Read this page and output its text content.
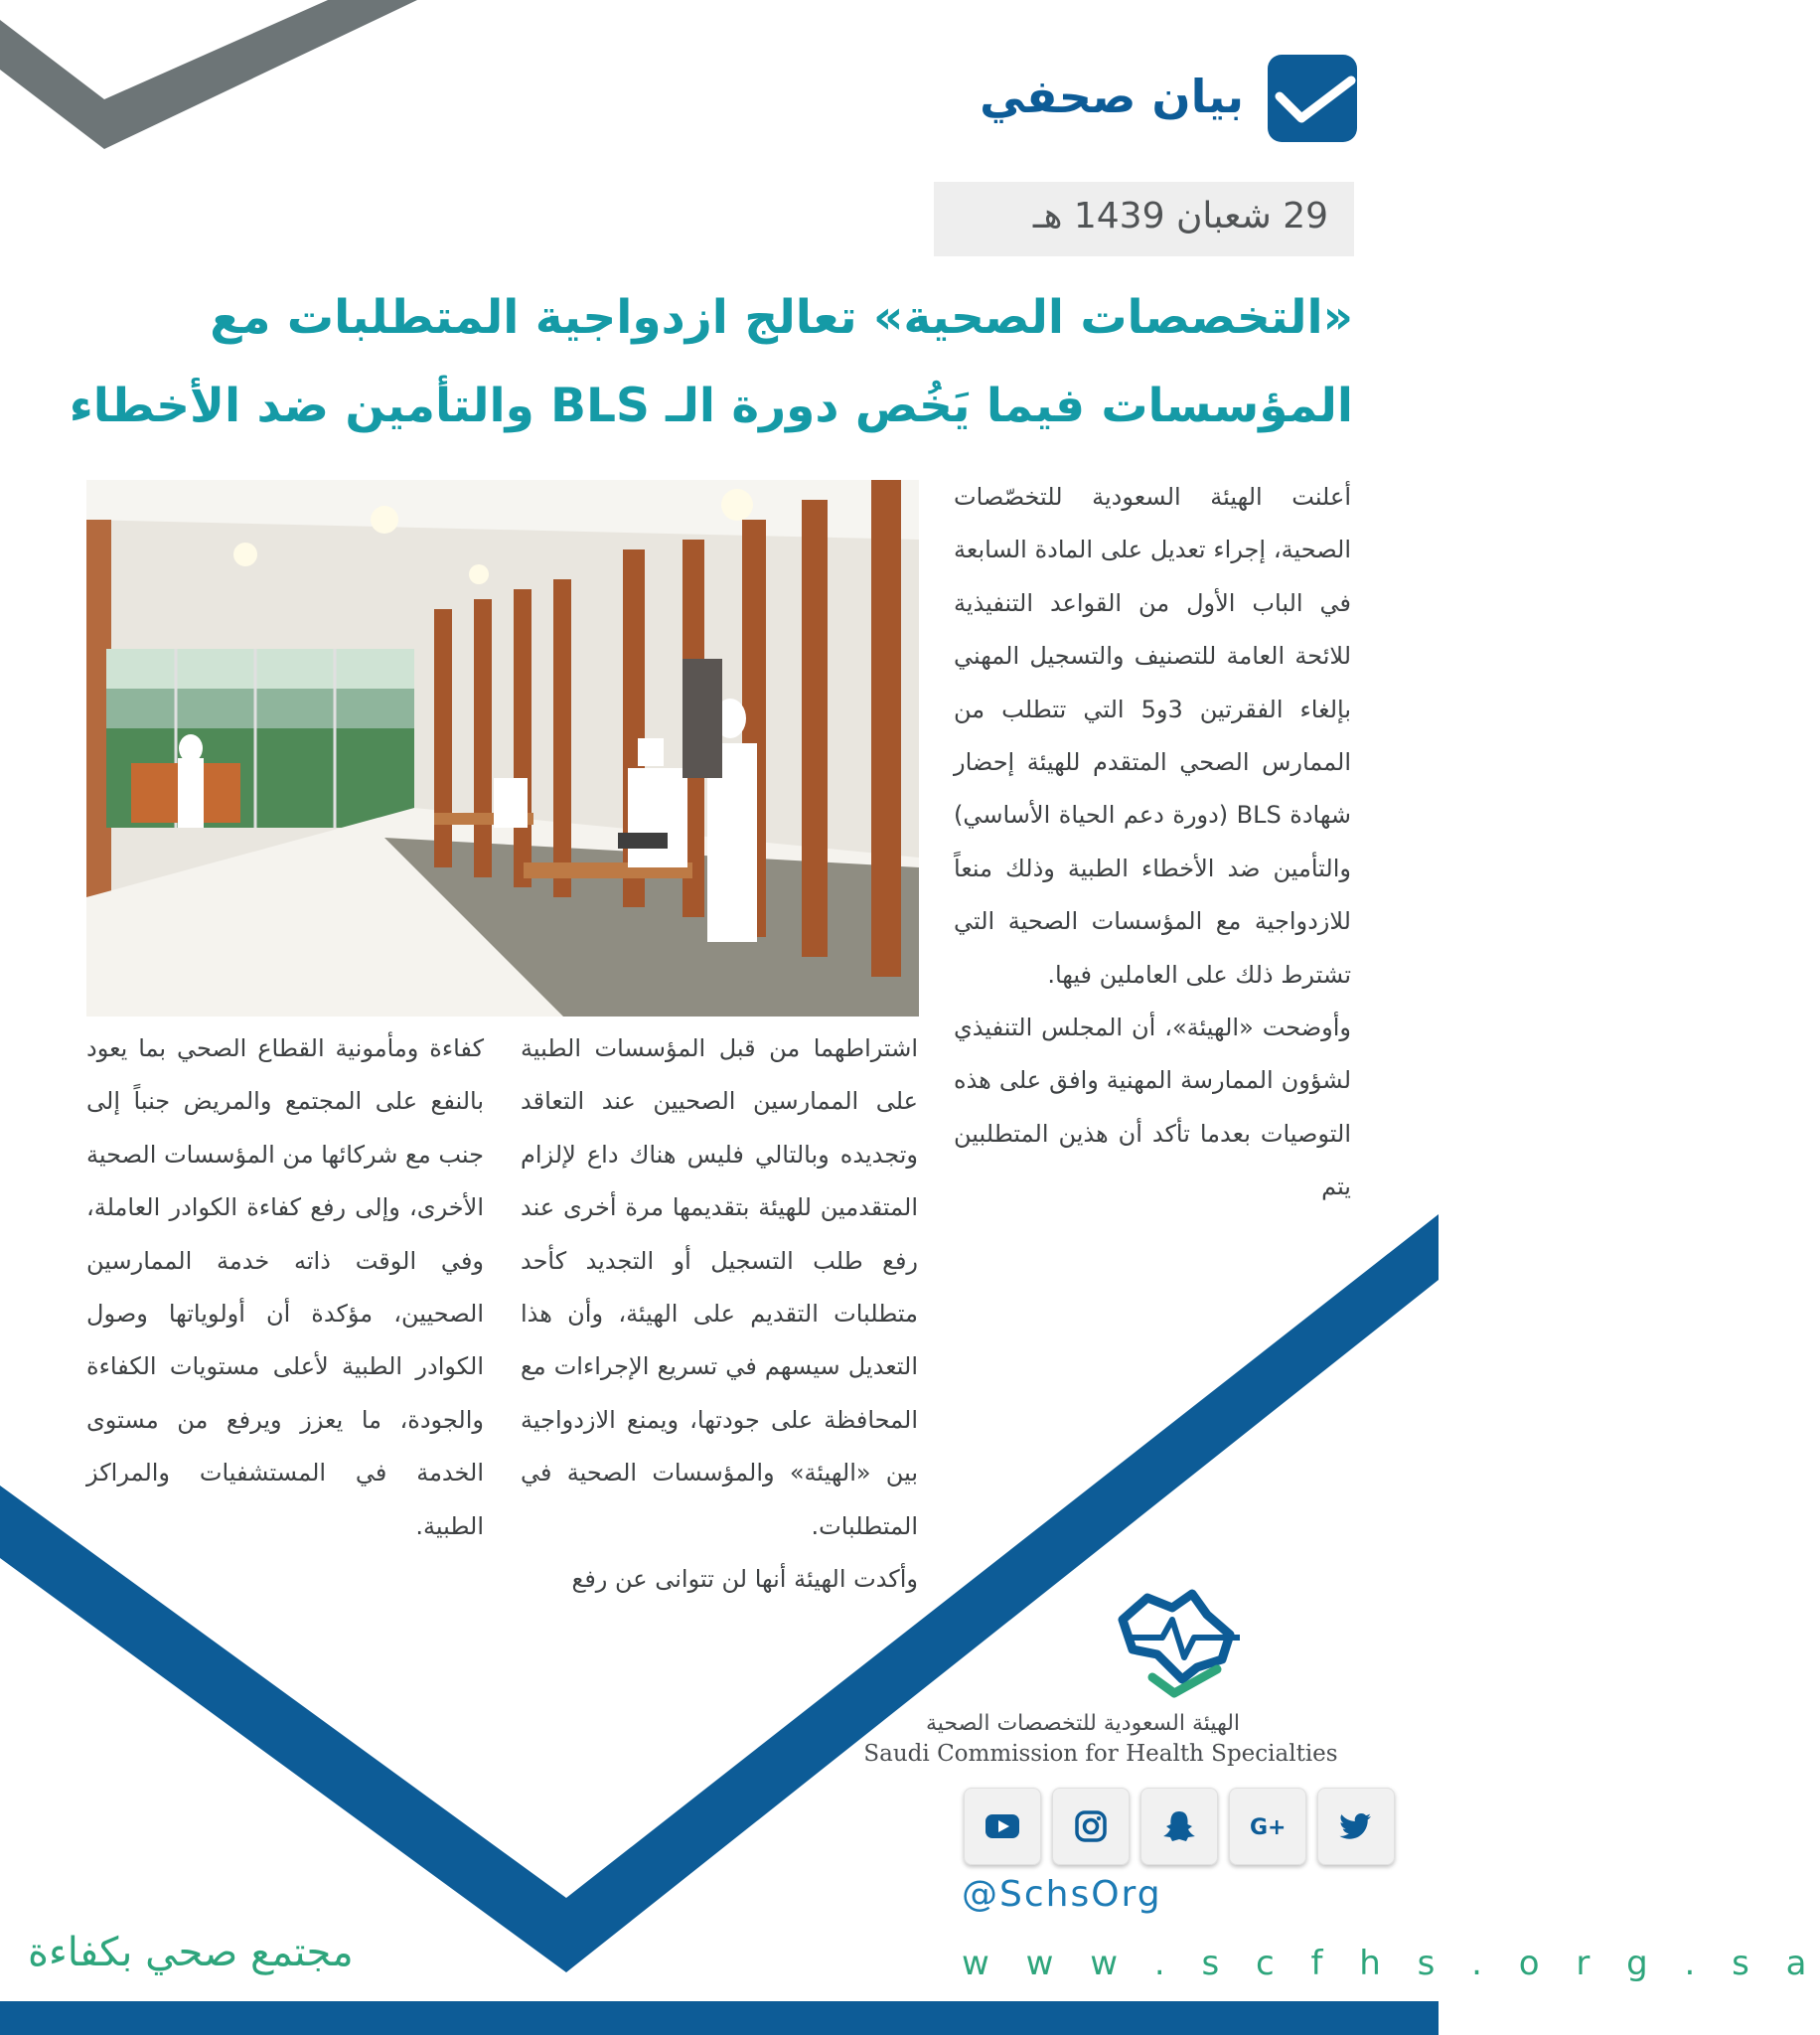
بيان صحفي
29 شعبان 1439 هـ
«التخصصات الصحية» تعالج ازدواجية المتطلبات مع
المؤسسات فيما يَخُص دورة الـ BLS والتأمين ضد الأخطاء

أعلنت الهيئة السعودية للتخصّصات الصحية، إجراء تعديل على المادة السابعة في الباب الأول من القواعد التنفيذية للائحة العامة للتصنيف والتسجيل المهني بإلغاء الفقرتين 3و5 التي تتطلب من الممارس الصحي المتقدم للهيئة إحضار شهادة BLS (دورة دعم الحياة الأساسي) والتأمين ضد الأخطاء الطبية وذلك منعاً للازدواجية مع المؤسسات الصحية التي تشترط ذلك على العاملين فيها.

وأوضحت «الهيئة»، أن المجلس التنفيذي لشؤون الممارسة المهنية وافق على هذه التوصيات بعدما تأكد أن هذين المتطلبين يتم

اشتراطهما من قبل المؤسسات الطبية على الممارسين الصحيين عند التعاقد وتجديده وبالتالي فليس هناك داع لإلزام المتقدمين للهيئة بتقديمها مرة أخرى عند رفع طلب التسجيل أو التجديد كأحد متطلبات التقديم على الهيئة، وأن هذا التعديل سيسهم في تسريع الإجراءات مع المحافظة على جودتها، ويمنع الازدواجية بين «الهيئة» والمؤسسات الصحية في المتطلبات.

وأكدت الهيئة أنها لن تتوانى عن رفع

كفاءة ومأمونية القطاع الصحي بما يعود بالنفع على المجتمع والمريض جنباً إلى جنب مع شركائها من المؤسسات الصحية الأخرى، وإلى رفع كفاءة الكوادر العاملة، وفي الوقت ذاته خدمة الممارسين الصحيين، مؤكدة أن أولوياتها وصول الكوادر الطبية لأعلى مستويات الكفاءة والجودة، ما يعزز ويرفع من مستوى الخدمة في المستشفيات والمراكز الطبية.

الهيئة السعودية للتخصصات الصحية
Saudi Commission for Health Specialties
G+
@SchsOrg
w w w . s c f h s . o r g . s a
مجتمع صحي بكفاءة
